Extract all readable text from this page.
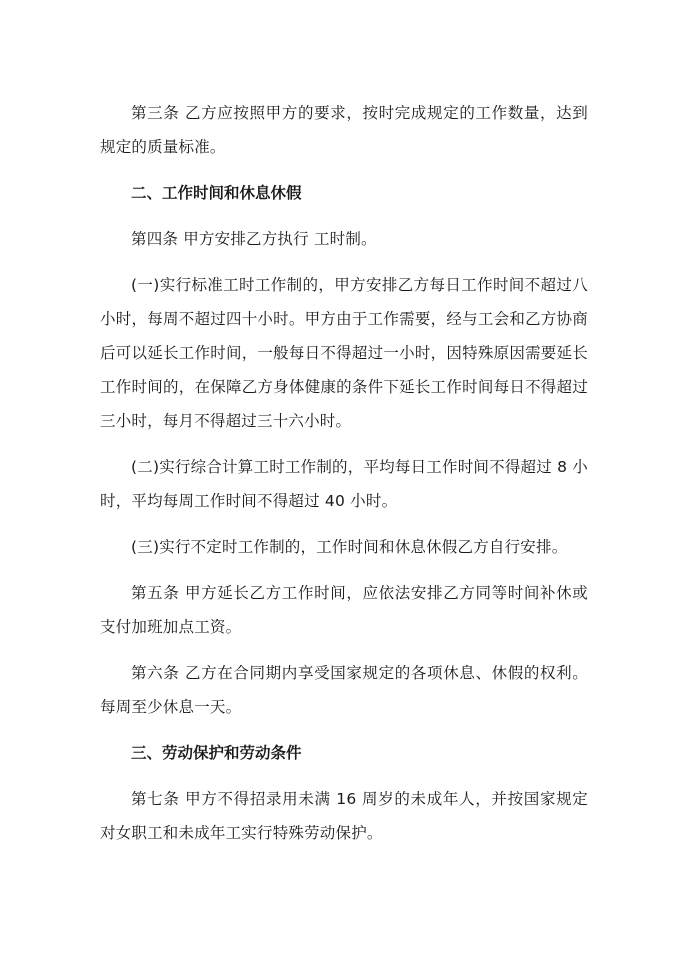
第三条 乙方应按照甲方的要求，按时完成规定的工作数量，达到规定的质量标准。

二、工作时间和休息休假

第四条 甲方安排乙方执行 工时制。

(一)实行标准工时工作制的，甲方安排乙方每日工作时间不超过八小时，每周不超过四十小时。甲方由于工作需要，经与工会和乙方协商后可以延长工作时间，一般每日不得超过一小时，因特殊原因需要延长工作时间的，在保障乙方身体健康的条件下延长工作时间每日不得超过三小时，每月不得超过三十六小时。

(二)实行综合计算工时工作制的，平均每日工作时间不得超过 8 小时，平均每周工作时间不得超过 40 小时。

(三)实行不定时工作制的，工作时间和休息休假乙方自行安排。

第五条 甲方延长乙方工作时间，应依法安排乙方同等时间补休或支付加班加点工资。

第六条 乙方在合同期内享受国家规定的各项休息、休假的权利。每周至少休息一天。

三、劳动保护和劳动条件

第七条 甲方不得招录用未满 16 周岁的未成年人，并按国家规定对女职工和未成年工实行特殊劳动保护。
